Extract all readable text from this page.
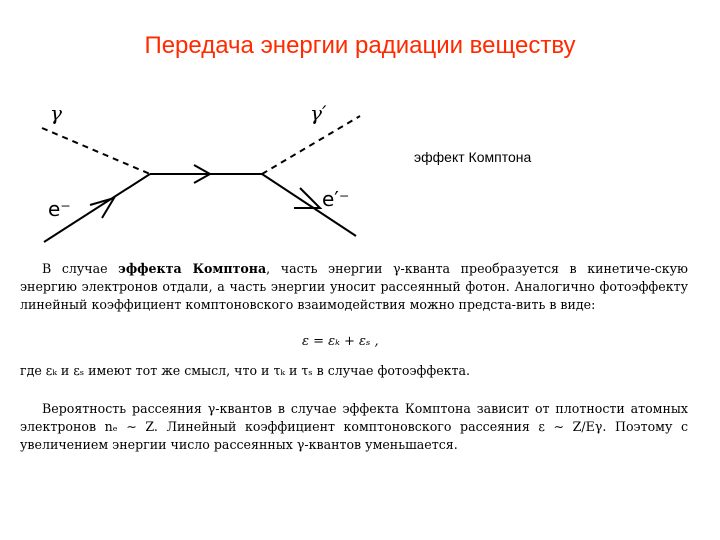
Передача энергии радиации веществу
γ	γ′
e⁻	e′⁻
эффект Комптона
В случае эффекта Комптона, часть энергии γ-кванта преобразуется в кинетиче-скую энергию электронов отдали, а часть энергии уносит рассеянный фотон. Аналогично фотоэффекту линейный коэффициент комптоновского взаимодействия можно предста-вить в виде:
ε = εₖ + εₛ ,
где εₖ и εₛ имеют тот же смысл, что и τₖ и τₛ в случае фотоэффекта.
Вероятность рассеяния γ-квантов в случае эффекта Комптона зависит от плотности атомных электронов nₑ ∼ Z. Линейный коэффициент комптоновского рассеяния ε ∼ Z/Eγ. Поэтому с увеличением энергии число рассеянных γ-квантов уменьшается.
